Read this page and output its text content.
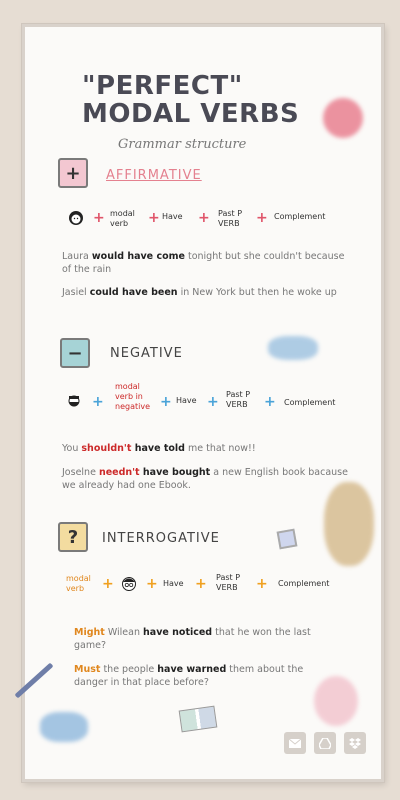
"PERFECT" MODAL VERBS
Grammar structure
+	AFFIRMATIVE
+ modal
verb	+ Have + Past P
VERB + Complement
Laura would have come tonight but she couldn't because of the rain
Jasiel could have been in New York but then he woke up
−	NEGATIVE
+
modal
verb in
negative + Have + Past P
VERB + Complement
You shouldn't have told me that now!!
Joselne needn't have bought a new English book bacause we already had one Ebook.
?	INTERROGATIVE
modal
verb	+ + Have + Past P
VERB + Complement
Might Wilean have noticed that he won the last game?
Must the people have warned them about the danger in that place before?
